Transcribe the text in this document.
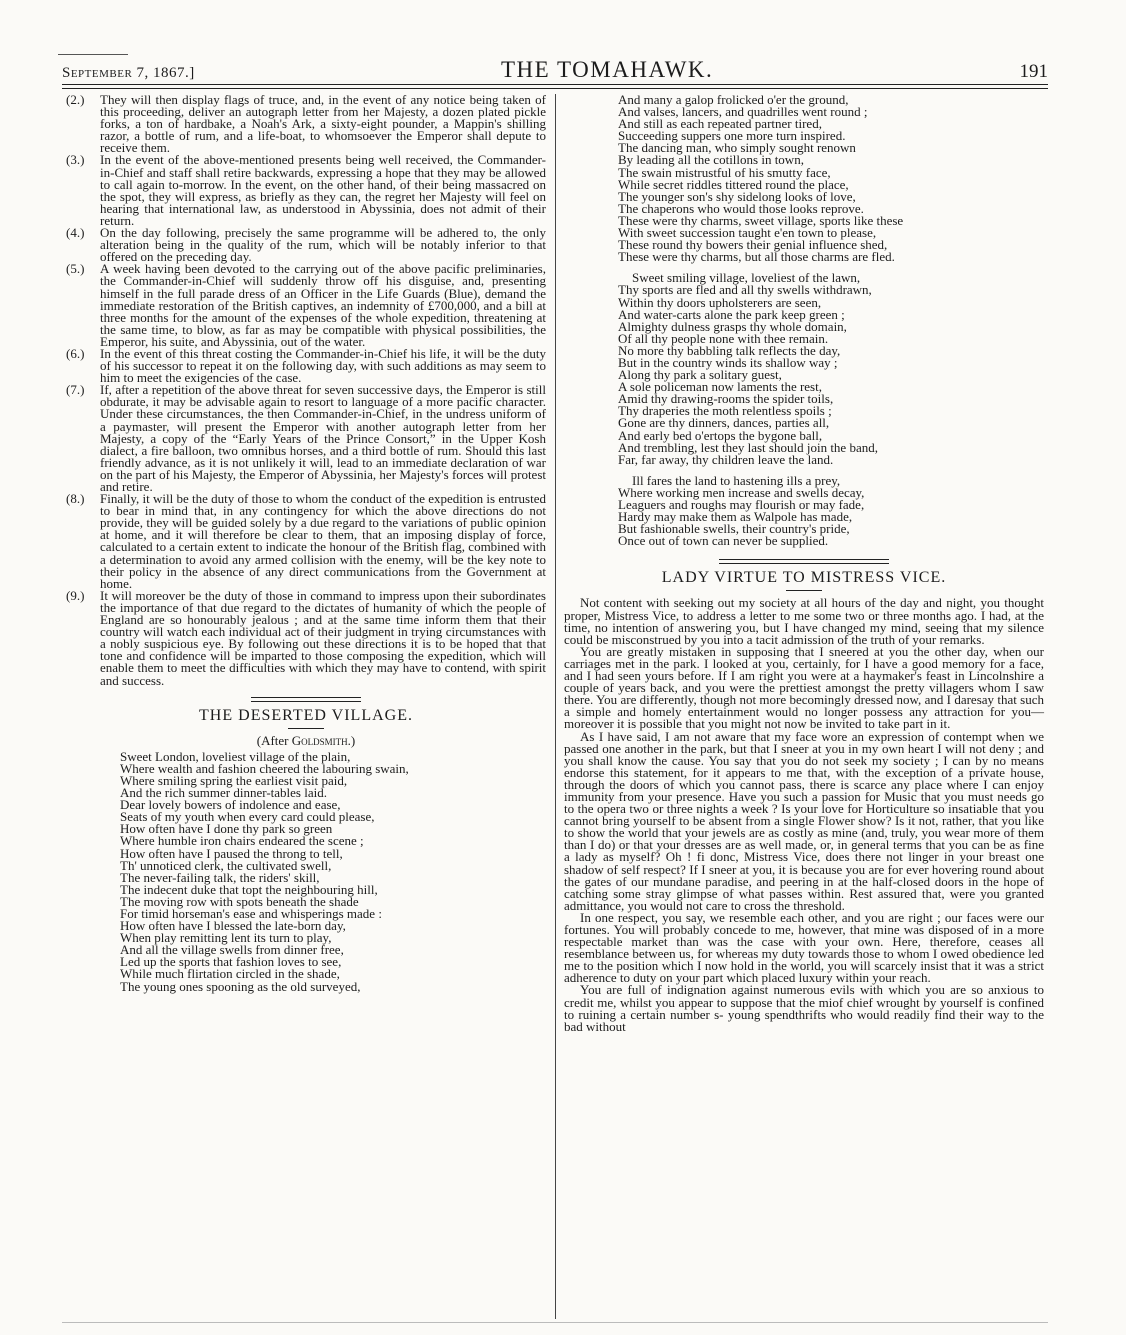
September 7, 1867.]	THE TOMAHAWK.	191
(2.)	They will then display flags of truce, and, in the event of any notice being taken of this proceeding, deliver an autograph letter from her Majesty, a dozen plated pickle forks, a ton of hardbake, a Noah's Ark, a sixty-eight pounder, a Mappin's shilling razor, a bottle of rum, and a life-boat, to whomsoever the Emperor shall depute to receive them.
(3.)	In the event of the above-mentioned presents being well received, the Commander-in-Chief and staff shall retire backwards, expressing a hope that they may be allowed to call again to-morrow. In the event, on the other hand, of their being massacred on the spot, they will express, as briefly as they can, the regret her Majesty will feel on hearing that international law, as understood in Abyssinia, does not admit of their return.
(4.)	On the day following, precisely the same programme will be adhered to, the only alteration being in the quality of the rum, which will be notably inferior to that offered on the preceding day.
(5.)	A week having been devoted to the carrying out of the above pacific preliminaries, the Commander-in-Chief will suddenly throw off his disguise, and, presenting himself in the full parade dress of an Officer in the Life Guards (Blue), demand the immediate restoration of the British captives, an indemnity of £700,000, and a bill at three months for the amount of the expenses of the whole expedition, threatening at the same time, to blow, as far as may be compatible with physical possibilities, the Emperor, his suite, and Abyssinia, out of the water.
(6.)	In the event of this threat costing the Commander-in-Chief his life, it will be the duty of his successor to repeat it on the following day, with such additions as may seem to him to meet the exigencies of the case.
(7.)	If, after a repetition of the above threat for seven successive days, the Emperor is still obdurate, it may be advisable again to resort to language of a more pacific character. Under these circumstances, the then Commander-in-Chief, in the undress uniform of a paymaster, will present the Emperor with another autograph letter from her Majesty, a copy of the “Early Years of the Prince Consort,” in the Upper Kosh dialect, a fire balloon, two omnibus horses, and a third bottle of rum. Should this last friendly advance, as it is not unlikely it will, lead to an immediate declaration of war on the part of his Majesty, the Emperor of Abyssinia, her Majesty's forces will protest and retire.
(8.)	Finally, it will be the duty of those to whom the conduct of the expedition is entrusted to bear in mind that, in any contingency for which the above directions do not provide, they will be guided solely by a due regard to the variations of public opinion at home, and it will therefore be clear to them, that an imposing display of force, calculated to a certain extent to indicate the honour of the British flag, combined with a determination to avoid any armed collision with the enemy, will be the key note to their policy in the absence of any direct communications from the Government at home.
(9.)	It will moreover be the duty of those in command to impress upon their subordinates the importance of that due regard to the dictates of humanity of which the people of England are so honourably jealous ; and at the same time inform them that their country will watch each individual act of their judgment in trying circumstances with a nobly suspicious eye. By following out these directions it is to be hoped that that tone and confidence will be imparted to those composing the expedition, which will enable them to meet the difficulties with which they may have to contend, with spirit and success.
THE DESERTED VILLAGE.
(After Goldsmith.)
Sweet London, loveliest village of the plain,
Where wealth and fashion cheered the labouring swain,
Where smiling spring the earliest visit paid,
And the rich summer dinner-tables laid.
Dear lovely bowers of indolence and ease,
Seats of my youth when every card could please,
How often have I done thy park so green
Where humble iron chairs endeared the scene ;
How often have I paused the throng to tell,
Th' unnoticed clerk, the cultivated swell,
The never-failing talk, the riders' skill,
The indecent duke that topt the neighbouring hill,
The moving row with spots beneath the shade
For timid horseman's ease and whisperings made :
How often have I blessed the late-born day,
When play remitting lent its turn to play,
And all the village swells from dinner free,
Led up the sports that fashion loves to see,
While much flirtation circled in the shade,
The young ones spooning as the old surveyed,
And many a galop frolicked o'er the ground,
And valses, lancers, and quadrilles went round ;
And still as each repeated partner tired,
Succeeding suppers one more turn inspired.
The dancing man, who simply sought renown
By leading all the cotillons in town,
The swain mistrustful of his smutty face,
While secret riddles tittered round the place,
The younger son's shy sidelong looks of love,
The chaperons who would those looks reprove.
These were thy charms, sweet village, sports like these
With sweet succession taught e'en town to please,
These round thy bowers their genial influence shed,
These were thy charms, but all those charms are fled.
Sweet smiling village, loveliest of the lawn,
Thy sports are fled and all thy swells withdrawn,
Within thy doors upholsterers are seen,
And water-carts alone the park keep green ;
Almighty dulness grasps thy whole domain,
Of all thy people none with thee remain.
No more thy babbling talk reflects the day,
But in the country winds its shallow way ;
Along thy park a solitary guest,
A sole policeman now laments the rest,
Amid thy drawing-rooms the spider toils,
Thy draperies the moth relentless spoils ;
Gone are thy dinners, dances, parties all,
And early bed o'ertops the bygone ball,
And trembling, lest they last should join the band,
Far, far away, thy children leave the land.
Ill fares the land to hastening ills a prey,
Where working men increase and swells decay,
Leaguers and roughs may flourish or may fade,
Hardy may make them as Walpole has made,
But fashionable swells, their country's pride,
Once out of town can never be supplied.
LADY VIRTUE TO MISTRESS VICE.

Not content with seeking out my society at all hours of the day and night, you thought proper, Mistress Vice, to address a letter to me some two or three months ago. I had, at the time, no intention of answering you, but I have changed my mind, seeing that my silence could be misconstrued by you into a tacit admission of the truth of your remarks.

You are greatly mistaken in supposing that I sneered at you the other day, when our carriages met in the park. I looked at you, certainly, for I have a good memory for a face, and I had seen yours before. If I am right you were at a haymaker's feast in Lincolnshire a couple of years back, and you were the prettiest amongst the pretty villagers whom I saw there. You are differently, though not more becomingly dressed now, and I daresay that such a simple and homely entertainment would no longer possess any attraction for you—moreover it is possible that you might not now be invited to take part in it.

As I have said, I am not aware that my face wore an expression of contempt when we passed one another in the park, but that I sneer at you in my own heart I will not deny ; and you shall know the cause. You say that you do not seek my society ; I can by no means endorse this statement, for it appears to me that, with the exception of a private house, through the doors of which you cannot pass, there is scarce any place where I can enjoy immunity from your presence. Have you such a passion for Music that you must needs go to the opera two or three nights a week ? Is your love for Horticulture so insatiable that you cannot bring yourself to be absent from a single Flower show? Is it not, rather, that you like to show the world that your jewels are as costly as mine (and, truly, you wear more of them than I do) or that your dresses are as well made, or, in general terms that you can be as fine a lady as myself? Oh ! fi donc, Mistress Vice, does there not linger in your breast one shadow of self respect? If I sneer at you, it is because you are for ever hovering round about the gates of our mundane paradise, and peering in at the half-closed doors in the hope of catching some stray glimpse of what passes within. Rest assured that, were you granted admittance, you would not care to cross the threshold.

In one respect, you say, we resemble each other, and you are right ; our faces were our fortunes. You will probably concede to me, however, that mine was disposed of in a more respectable market than was the case with your own. Here, therefore, ceases all resemblance between us, for whereas my duty towards those to whom I owed obedience led me to the position which I now hold in the world, you will scarcely insist that it was a strict adherence to duty on your part which placed luxury within your reach.

You are full of indignation against numerous evils with which you are so anxious to credit me, whilst you appear to suppose that the miof chief wrought by yourself is confined to ruining a certain number s- young spendthrifts who would readily find their way to the bad without
